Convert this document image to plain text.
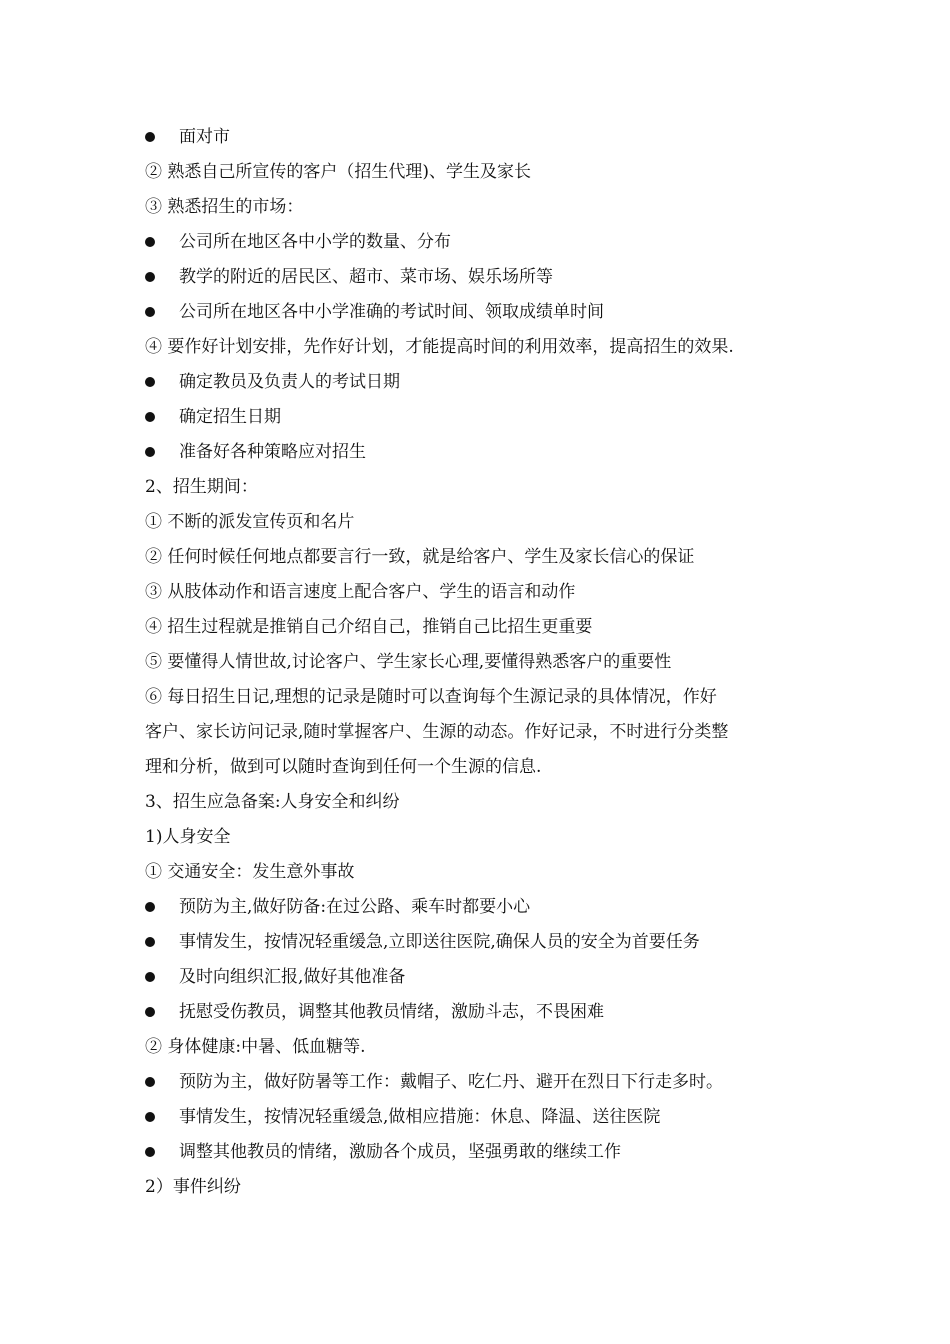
面对市
② 熟悉自己所宣传的客户（招生代理)、学生及家长
③ 熟悉招生的市场：
公司所在地区各中小学的数量、分布
教学的附近的居民区、超市、菜市场、娱乐场所等
公司所在地区各中小学准确的考试时间、领取成绩单时间
④ 要作好计划安排，先作好计划，才能提高时间的利用效率，提高招生的效果.
确定教员及负责人的考试日期
确定招生日期
准备好各种策略应对招生
2、招生期间：
① 不断的派发宣传页和名片
② 任何时候任何地点都要言行一致，就是给客户、学生及家长信心的保证
③ 从肢体动作和语言速度上配合客户、学生的语言和动作
④ 招生过程就是推销自己介绍自己，推销自己比招生更重要
⑤ 要懂得人情世故,讨论客户、学生家长心理,要懂得熟悉客户的重要性
⑥ 每日招生日记,理想的记录是随时可以查询每个生源记录的具体情况，作好
客户、家长访问记录,随时掌握客户、生源的动态。作好记录，不时进行分类整
理和分析，做到可以随时查询到任何一个生源的信息.
3、招生应急备案:人身安全和纠纷
1)人身安全
① 交通安全：发生意外事故
预防为主,做好防备:在过公路、乘车时都要小心
事情发生，按情况轻重缓急,立即送往医院,确保人员的安全为首要任务
及时向组织汇报,做好其他准备
抚慰受伤教员，调整其他教员情绪，激励斗志，不畏困难
② 身体健康:中暑、低血糖等.
预防为主，做好防暑等工作：戴帽子、吃仁丹、避开在烈日下行走多时。
事情发生，按情况轻重缓急,做相应措施：休息、降温、送往医院
调整其他教员的情绪，激励各个成员，坚强勇敢的继续工作
2）事件纠纷
